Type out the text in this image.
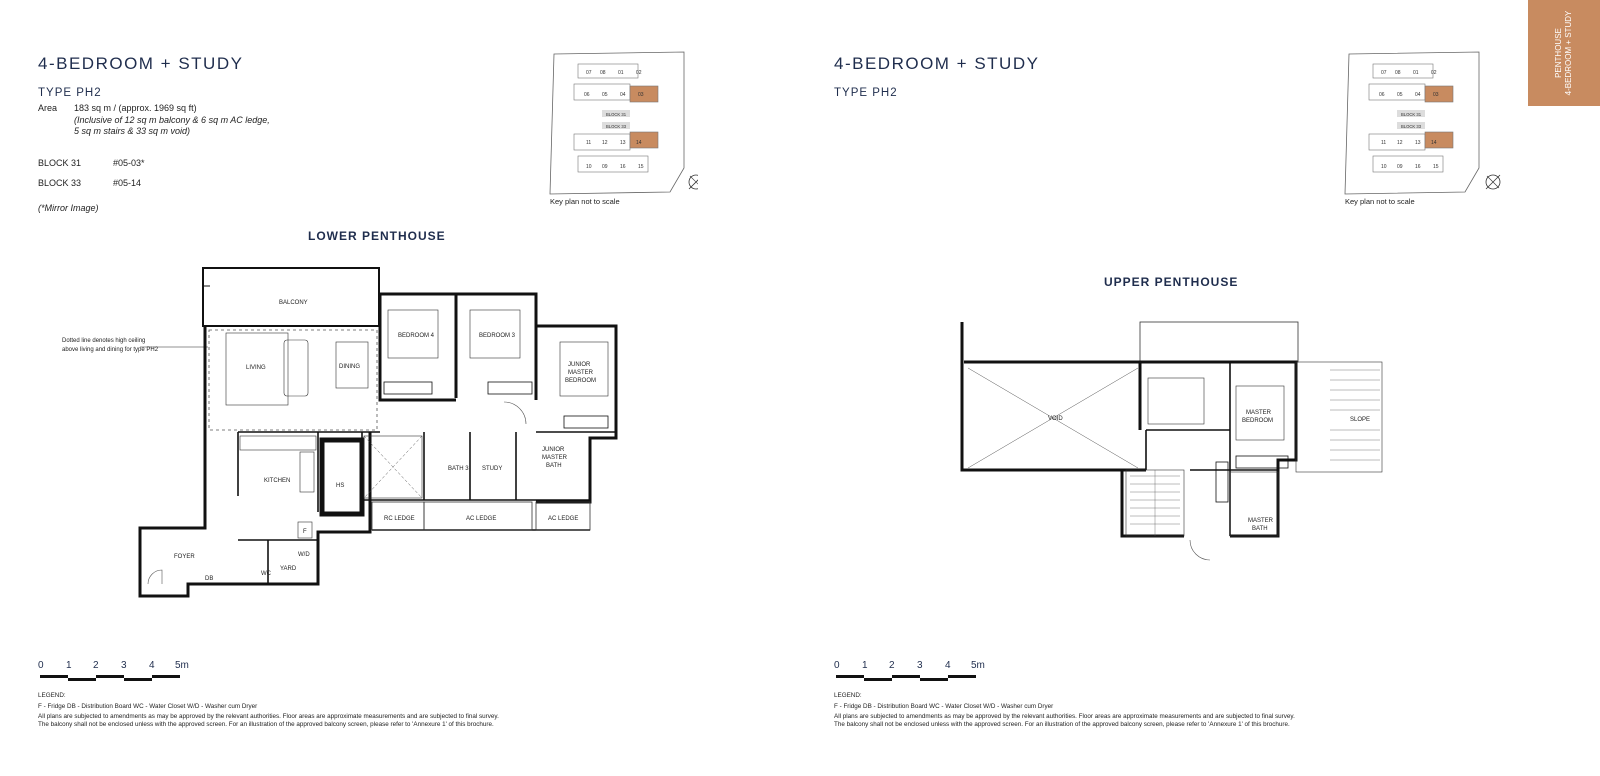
PENTHOUSE
4-BEDROOM + STUDY
4-BEDROOM + STUDY
TYPE PH2
Area 183 sq m / (approx. 1969 sq ft)
(Inclusive of 12 sq m balcony & 6 sq m AC ledge,
5 sq m stairs & 33 sq m void)
BLOCK 31	#05-03*
BLOCK 33	#05-14
(*Mirror Image)
LOWER PENTHOUSE
4-BEDROOM + STUDY
TYPE PH2
UPPER PENTHOUSE
07 08 01 02
06 05 04 03
BLOCK 31
BLOCK 33
11 12 13 14
10 09 16 15
Key plan not to scale
07 08 01 02
06 05 04 03
BLOCK 31
BLOCK 33
11 12 13 14
10 09 16 15
Key plan not to scale
Dotted line denotes high ceiling
above living and dining for type PH2
BALCONY
HS
LIVING	DINING
BEDROOM 4	BEDROOM 3
JUNIOR
MASTER
BEDROOM
KITCHEN
F
BATH 3 STUDY
JUNIOR
MASTER
BATH
RC LEDGE	AC LEDGE	AC LEDGE
FOYER
DB
WC
YARD
W/D
VOID
MASTER
BEDROOM	SLOPE
MASTER
BATH
0 1 2 3 4 5m	0 1 2 3 4 5m
LEGEND:
F - Fridge DB - Distribution Board WC - Water Closet W/D - Washer cum Dryer
All plans are subjected to amendments as may be approved by the relevant authorities. Floor areas are approximate measurements and are subjected to final survey.
The balcony shall not be enclosed unless with the approved screen. For an illustration of the approved balcony screen, please refer to 'Annexure 1' of this brochure.
LEGEND:
F - Fridge DB - Distribution Board WC - Water Closet W/D - Washer cum Dryer
All plans are subjected to amendments as may be approved by the relevant authorities. Floor areas are approximate measurements and are subjected to final survey.
The balcony shall not be enclosed unless with the approved screen. For an illustration of the approved balcony screen, please refer to 'Annexure 1' of this brochure.
